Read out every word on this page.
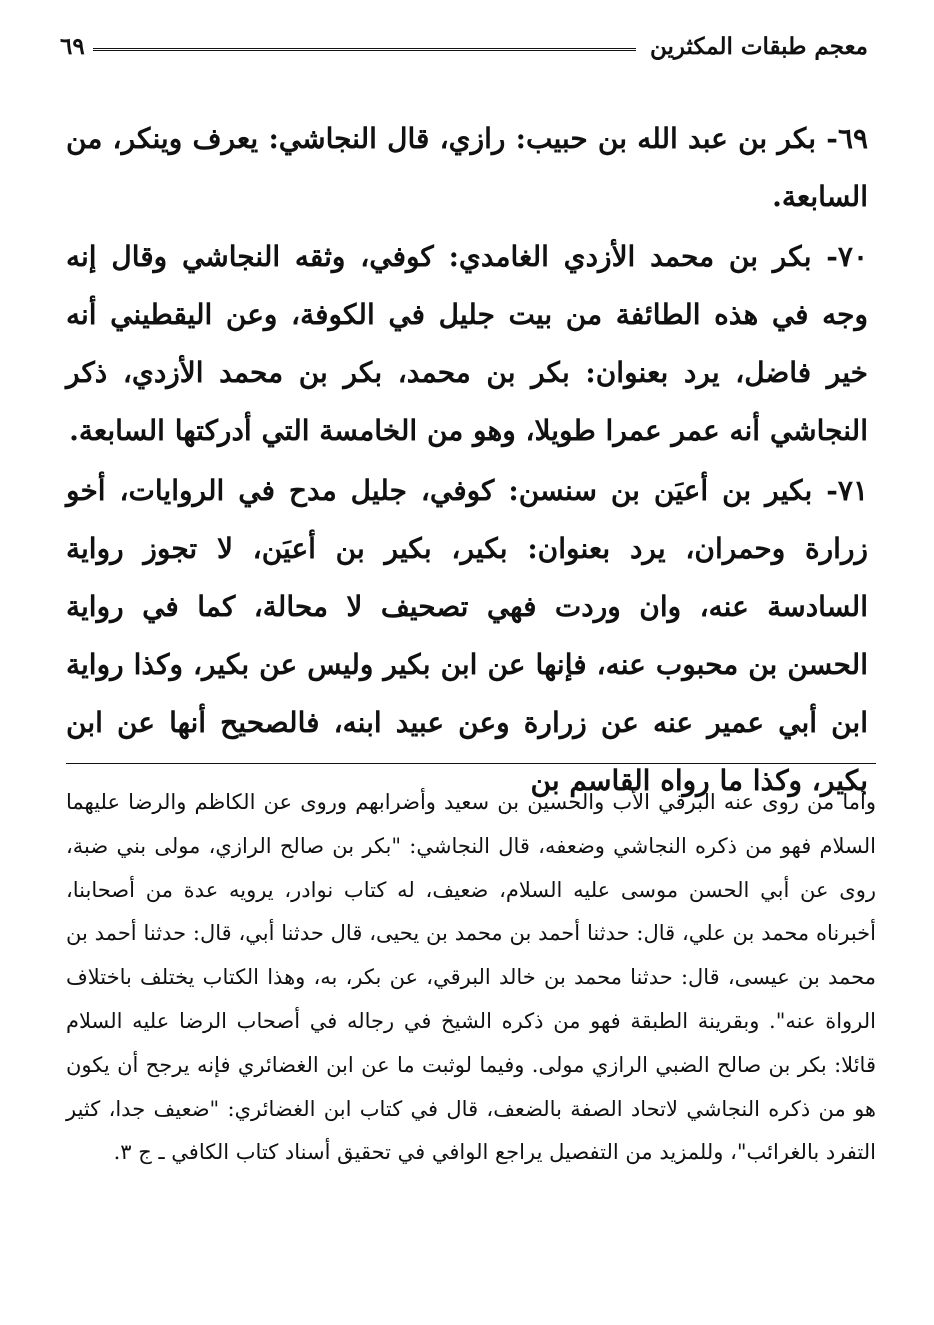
معجم طبقات المكثرين
٦٩

٦٩- بكر بن عبد الله بن حبيب: رازي، قال النجاشي: يعرف وينكر، من السابعة.

٧٠- بكر بن محمد الأزدي الغامدي: كوفي، وثقه النجاشي وقال إنه وجه في هذه الطائفة من بيت جليل في الكوفة، وعن اليقطيني أنه خير فاضل، يرد بعنوان: بكر بن محمد، بكر بن محمد الأزدي، ذكر النجاشي أنه عمر عمرا طويلا، وهو من الخامسة التي أدركتها السابعة.

٧١- بكير بن أعيَن بن سنسن: كوفي، جليل مدح في الروايات، أخو زرارة وحمران، يرد بعنوان: بكير، بكير بن أعيَن، لا تجوز رواية السادسة عنه، وان وردت فهي تصحيف لا محالة، كما في رواية الحسن بن محبوب عنه، فإنها عن ابن بكير وليس عن بكير، وكذا رواية ابن أبي عمير عنه عن زرارة وعن عبيد ابنه، فالصحيح أنها عن ابن بكير، وكذا ما رواه القاسم بن

وأما من روى عنه البرقي الأب والحسين بن سعيد وأضرابهم وروى عن الكاظم والرضا عليهما السلام فهو من ذكره النجاشي وضعفه، قال النجاشي: "بكر بن صالح الرازي، مولى بني ضبة، روى عن أبي الحسن موسى عليه السلام، ضعيف، له كتاب نوادر، يرويه عدة من أصحابنا، أخبرناه محمد بن علي، قال: حدثنا أحمد بن محمد بن يحيى، قال حدثنا أبي، قال: حدثنا أحمد بن محمد بن عيسى، قال: حدثنا محمد بن خالد البرقي، عن بكر، به، وهذا الكتاب يختلف باختلاف الرواة عنه". وبقرينة الطبقة فهو من ذكره الشيخ في رجاله في أصحاب الرضا عليه السلام قائلا: بكر بن صالح الضبي الرازي مولى. وفيما لوثبت ما عن ابن الغضائري فإنه يرجح أن يكون هو من ذكره النجاشي لاتحاد الصفة بالضعف، قال في كتاب ابن الغضائري: "ضعيف جدا، كثير التفرد بالغرائب"، وللمزيد من التفصيل يراجع الوافي في تحقيق أسناد كتاب الكافي ـ ج ٣.
